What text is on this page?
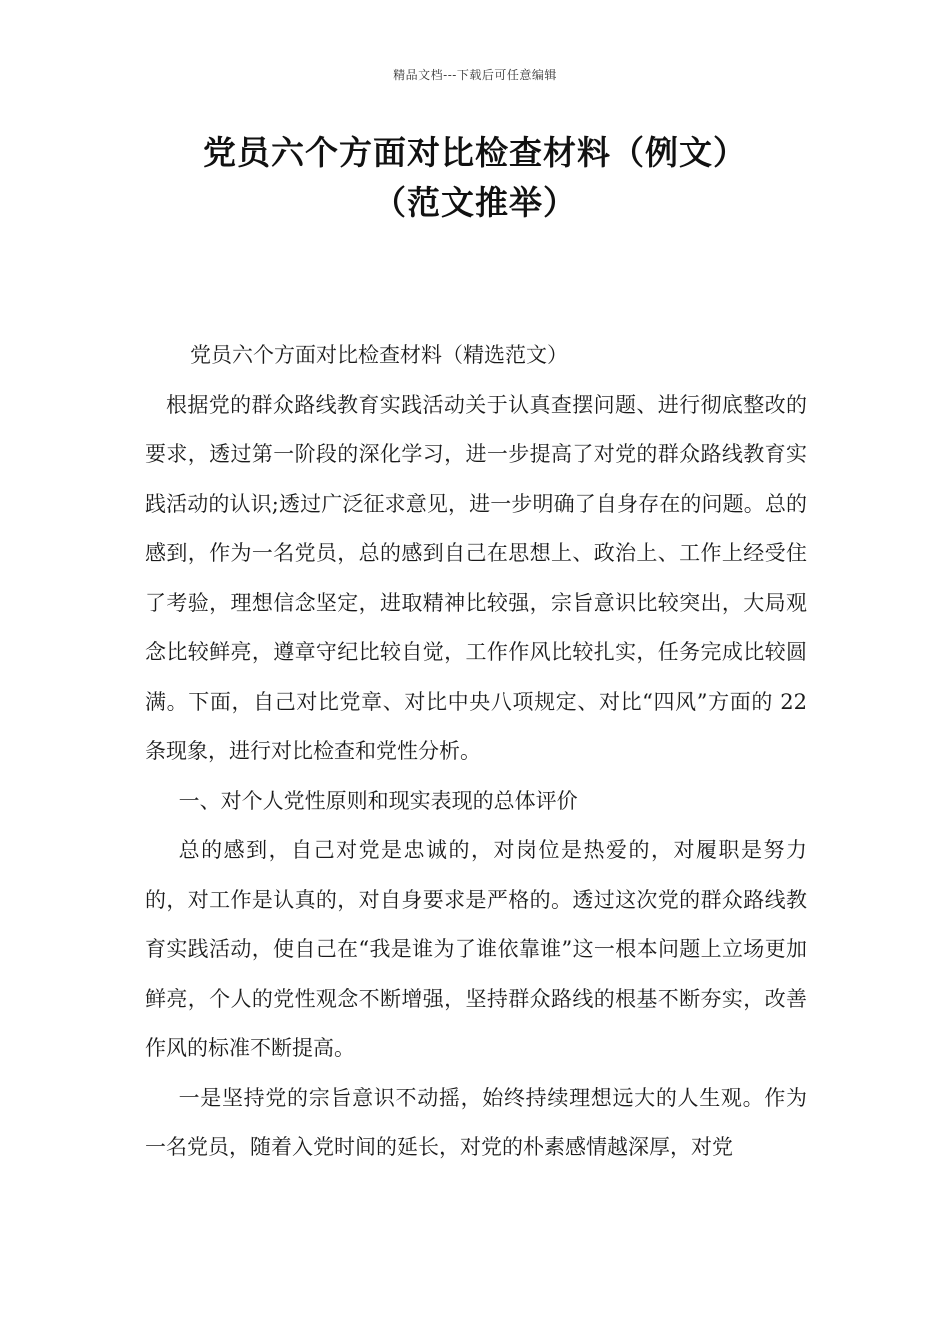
精品文档---下载后可任意编辑
党员六个方面对比检查材料（例文）
（范文推举）

党员六个方面对比检查材料（精选范文）

根据党的群众路线教育实践活动关于认真查摆问题、进行彻底整改的要求，透过第一阶段的深化学习，进一步提高了对党的群众路线教育实践活动的认识;透过广泛征求意见，进一步明确了自身存在的问题。总的感到，作为一名党员，总的感到自己在思想上、政治上、工作上经受住了考验，理想信念坚定，进取精神比较强，宗旨意识比较突出，大局观念比较鲜亮，遵章守纪比较自觉，工作作风比较扎实，任务完成比较圆满。下面，自己对比党章、对比中央八项规定、对比“四风”方面的 22 条现象，进行对比检查和党性分析。

一、对个人党性原则和现实表现的总体评价

总的感到，自己对党是忠诚的，对岗位是热爱的，对履职是努力的，对工作是认真的，对自身要求是严格的。透过这次党的群众路线教育实践活动，使自己在“我是谁为了谁依靠谁”这一根本问题上立场更加鲜亮，个人的党性观念不断增强，坚持群众路线的根基不断夯实，改善作风的标准不断提高。

一是坚持党的宗旨意识不动摇，始终持续理想远大的人生观。作为一名党员，随着入党时间的延长，对党的朴素感情越深厚，对党
